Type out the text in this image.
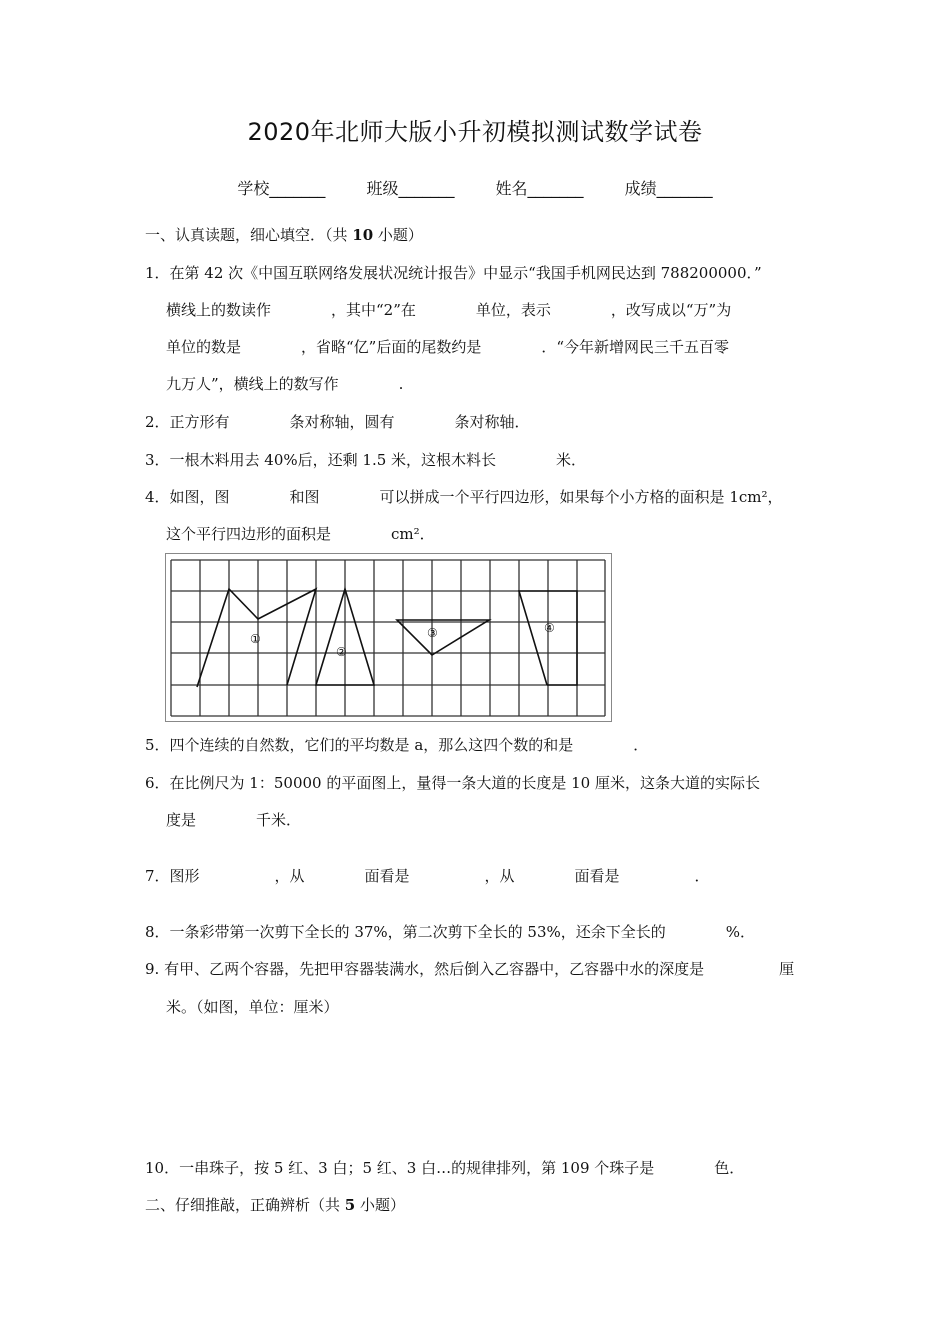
2020年北师大版小升初模拟测试数学试卷
学校_______	班级_______	姓名_______	成绩_______
一、认真读题，细心填空．（共 10 小题）
1．在第 42 次《中国互联网络发展状况统计报告》中显示“我国手机网民达到 788200000．”
横线上的数读作　　　　，其中“2”在　　　　单位，表示　　　　，改写成以“万”为
单位的数是　　　　，省略“亿”后面的尾数约是　　　　．“今年新增网民三千五百零
九万人”，横线上的数写作　　　　.
2．正方形有　　　　条对称轴，圆有　　　　条对称轴．
3．一根木料用去 40%后，还剩 1.5 米，这根木料长　　　　米．
4．如图，图　　　　和图　　　　可以拼成一个平行四边形，如果每个小方格的面积是 1cm²，
这个平行四边形的面积是　　　　cm²．
①
②
③	④
5．四个连续的自然数，它们的平均数是 a，那么这四个数的和是　　　　．
6．在比例尺为 1：50000 的平面图上，量得一条大道的长度是 10 厘米，这条大道的实际长
度是　　　　千米．
7．图形　　　　　，从　　　　面看是　　　　　，从　　　　面看是　　　　　．
8．一条彩带第一次剪下全长的 37%，第二次剪下全长的 53%，还余下全长的　　　　%．
9. 有甲、乙两个容器，先把甲容器装满水，然后倒入乙容器中，乙容器中水的深度是　　　　　厘
米。（如图，单位：厘米）
10．一串珠子，按 5 红、3 白；5 红、3 白…的规律排列，第 109 个珠子是　　　　色．
二、仔细推敲，正确辨析（共 5 小题）
